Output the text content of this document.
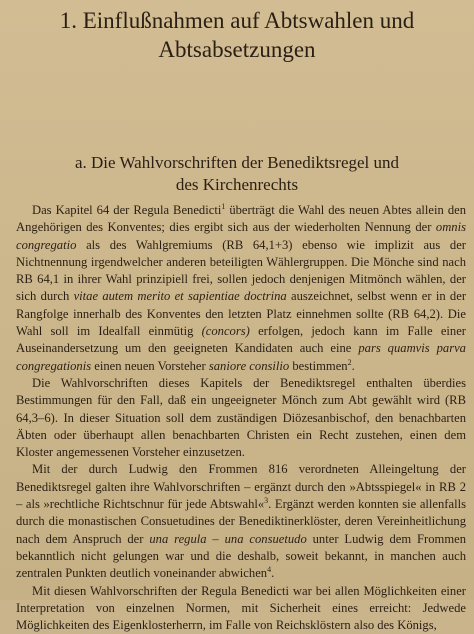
1. Einflußnahmen auf Abtswahlen und
Abtsabsetzungen
a. Die Wahlvorschriften der Benediktsregel und
des Kirchenrechts

Das Kapitel 64 der Regula Benedicti$^1$ überträgt die Wahl des neuen Abtes allein den Angehörigen des Konventes; dies ergibt sich aus der wiederholten Nennung der omnis congregatio als des Wahlgremiums (RB 64,1+3) ebenso wie implizit aus der Nichtnennung irgendwelcher anderen beteiligten Wählergruppen. Die Mönche sind nach RB 64,1 in ihrer Wahl prinzipiell frei, sollen jedoch denjenigen Mitmönch wählen, der sich durch vitae autem merito et sapientiae doctrina auszeichnet, selbst wenn er in der Rangfolge innerhalb des Konventes den letzten Platz einnehmen sollte (RB 64,2). Die Wahl soll im Idealfall einmütig (concors) erfolgen, jedoch kann im Falle einer Auseinandersetzung um den geeigneten Kandidaten auch eine pars quamvis parva congregationis einen neuen Vorsteher saniore consilio bestimmen$^2$.

Die Wahlvorschriften dieses Kapitels der Benediktsregel enthalten überdies Bestimmungen für den Fall, daß ein ungeeigneter Mönch zum Abt gewählt wird (RB 64,3–6). In dieser Situation soll dem zuständigen Diözesanbischof, den benachbarten Äbten oder überhaupt allen benachbarten Christen ein Recht zustehen, einen dem Kloster angemessenen Vorsteher einzusetzen.

Mit der durch Ludwig den Frommen 816 verordneten Alleingeltung der Benediktsregel galten ihre Wahlvorschriften – ergänzt durch den »Abtsspiegel« in RB 2 – als »rechtliche Richtschnur für jede Abtswahl«$^3$. Ergänzt werden konnten sie allenfalls durch die monastischen Consuetudines der Benediktinerklöster, deren Vereinheitlichung nach dem Anspruch der una regula – una consuetudo unter Ludwig dem Frommen bekanntlich nicht gelungen war und die deshalb, soweit bekannt, in manchen auch zentralen Punkten deutlich voneinander abwichen$^4$.

Mit diesen Wahlvorschriften der Regula Benedicti war bei allen Möglichkeiten einer Interpretation von einzelnen Normen, mit Sicherheit eines erreicht: Jedwede Möglichkeiten des Eigenklosterherrn, im Falle von Reichsklöstern also des Königs,
